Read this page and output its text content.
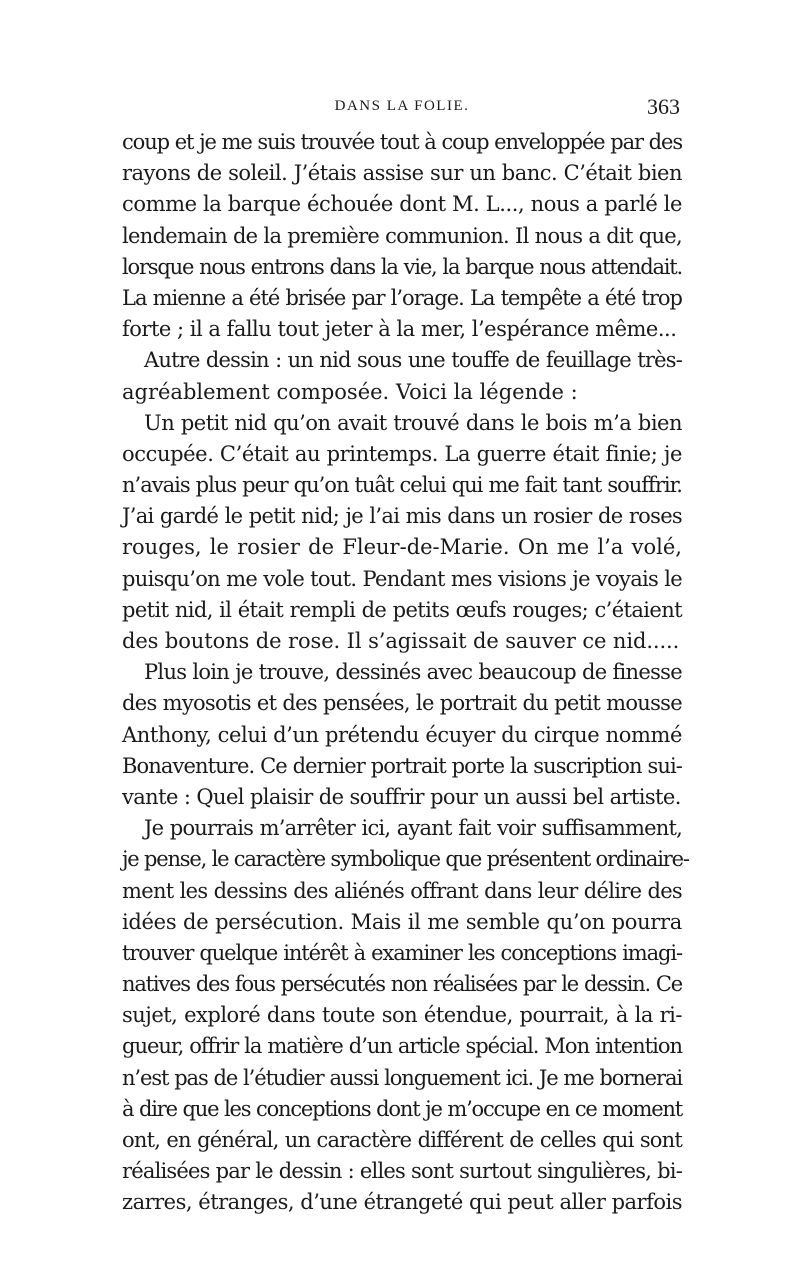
DANS LA FOLIE.	363
coup et je me suis trouvée tout à coup enveloppée par des
rayons de soleil. J’étais assise sur un banc. C’était bien
comme la barque échouée dont M. L..., nous a parlé le
lendemain de la première communion. Il nous a dit que,
lorsque nous entrons dans la vie, la barque nous attendait.
La mienne a été brisée par l’orage. La tempête a été trop
forte ; il a fallu tout jeter à la mer, l’espérance même...
Autre dessin : un nid sous une touffe de feuillage très-
agréablement composée. Voici la légende :
Un petit nid qu’on avait trouvé dans le bois m’a bien
occupée. C’était au printemps. La guerre était finie; je
n’avais plus peur qu’on tuât celui qui me fait tant souffrir.
J’ai gardé le petit nid; je l’ai mis dans un rosier de roses
rouges, le rosier de Fleur-de-Marie. On me l’a volé,
puisqu’on me vole tout. Pendant mes visions je voyais le
petit nid, il était rempli de petits œufs rouges; c’étaient
des boutons de rose. Il s’agissait de sauver ce nid.....
Plus loin je trouve, dessinés avec beaucoup de finesse
des myosotis et des pensées, le portrait du petit mousse
Anthony, celui d’un prétendu écuyer du cirque nommé
Bonaventure. Ce dernier portrait porte la suscription sui-
vante : Quel plaisir de souffrir pour un aussi bel artiste.
Je pourrais m’arrêter ici, ayant fait voir suffisamment,
je pense, le caractère symbolique que présentent ordinaire-
ment les dessins des aliénés offrant dans leur délire des
idées de persécution. Mais il me semble qu’on pourra
trouver quelque intérêt à examiner les conceptions imagi-
natives des fous persécutés non réalisées par le dessin. Ce
sujet, exploré dans toute son étendue, pourrait, à la ri-
gueur, offrir la matière d’un article spécial. Mon intention
n’est pas de l’étudier aussi longuement ici. Je me bornerai
à dire que les conceptions dont je m’occupe en ce moment
ont, en général, un caractère différent de celles qui sont
réalisées par le dessin : elles sont surtout singulières, bi-
zarres, étranges, d’une étrangeté qui peut aller parfois
